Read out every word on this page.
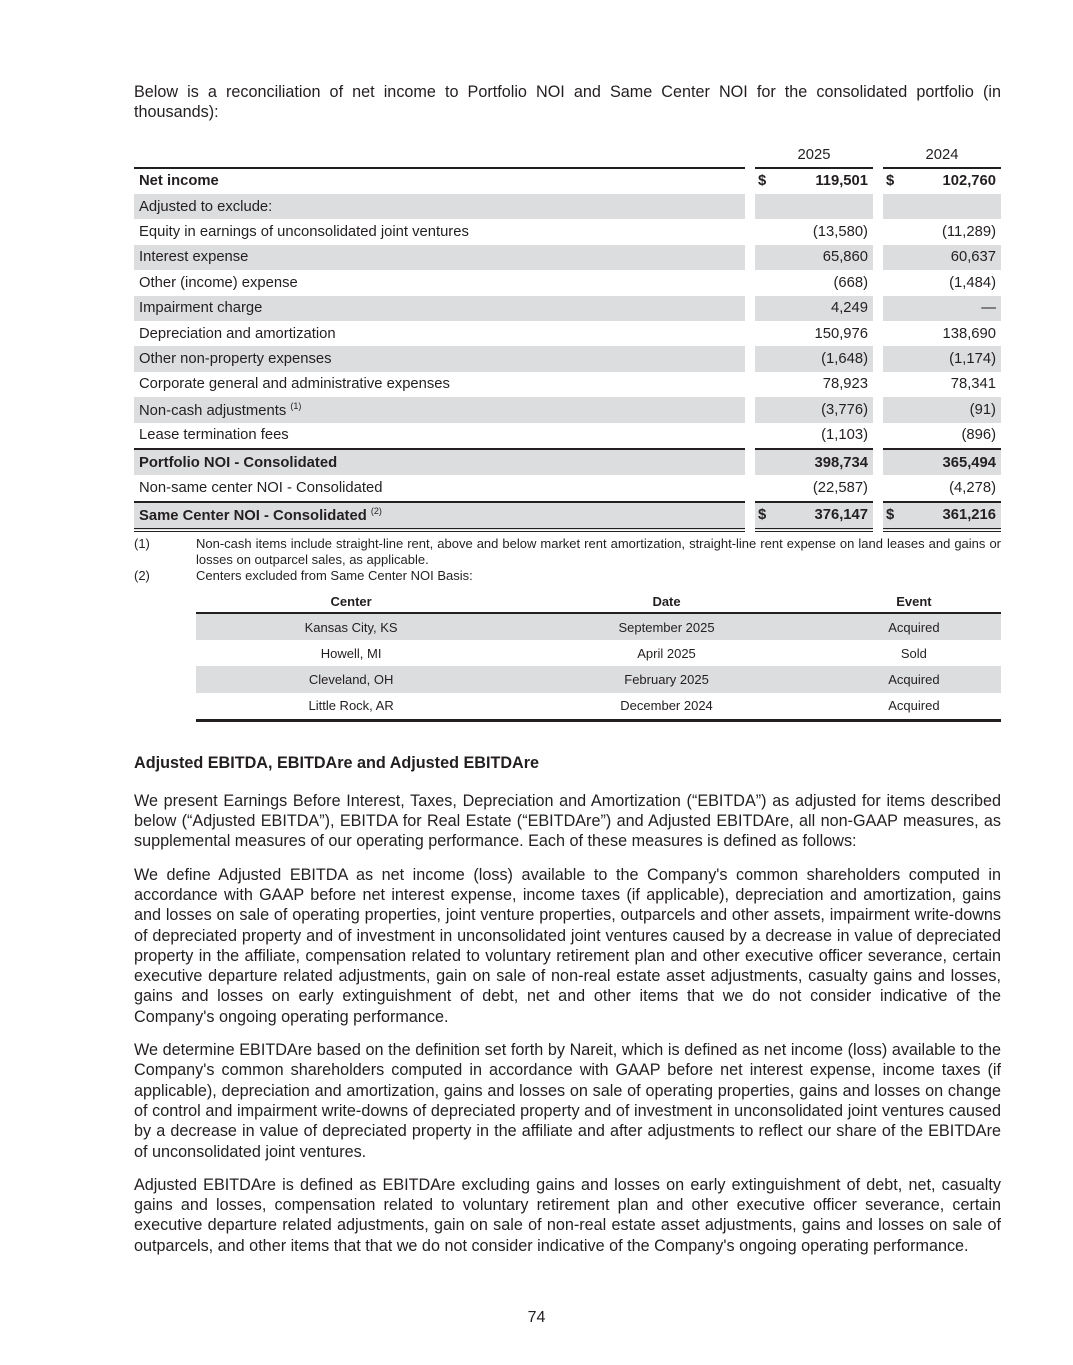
Below is a reconciliation of net income to Portfolio NOI and Same Center NOI for the consolidated portfolio (in thousands):

		2025			2024	
Net income		$	119,501		$	102,760
Adjusted to exclude:						
Equity in earnings of unconsolidated joint ventures			(13,580)			(11,289)
Interest expense			65,860			60,637
Other (income) expense			(668)			(1,484)
Impairment charge			4,249			—
Depreciation and amortization			150,976			138,690
Other non-property expenses			(1,648)			(1,174)
Corporate general and administrative expenses			78,923			78,341
Non-cash adjustments $^{(1)}$			(3,776)			(91)
Lease termination fees			(1,103)			(896)
Portfolio NOI - Consolidated			398,734			365,494
Non-same center NOI - Consolidated			(22,587)			(4,278)
Same Center NOI - Consolidated $^{(2)}$		$	376,147		$	361,216
(1)	Non-cash items include straight-line rent, above and below market rent amortization, straight-line rent expense on land leases and gains or losses on outparcel sales, as applicable.
(2)	Centers excluded from Same Center NOI Basis:
Center	Date	Event
Kansas City, KS	September 2025	Acquired
Howell, MI	April 2025	Sold
Cleveland, OH	February 2025	Acquired
Little Rock, AR	December 2024	Acquired
Adjusted EBITDA, EBITDAre and Adjusted EBITDAre

We present Earnings Before Interest, Taxes, Depreciation and Amortization (“EBITDA”) as adjusted for items described below (“Adjusted EBITDA”), EBITDA for Real Estate (“EBITDAre”) and Adjusted EBITDAre, all non-GAAP measures, as supplemental measures of our operating performance. Each of these measures is defined as follows:

We define Adjusted EBITDA as net income (loss) available to the Company's common shareholders computed in accordance with GAAP before net interest expense, income taxes (if applicable), depreciation and amortization, gains and losses on sale of operating properties, joint venture properties, outparcels and other assets, impairment write-downs of depreciated property and of investment in unconsolidated joint ventures caused by a decrease in value of depreciated property in the affiliate, compensation related to voluntary retirement plan and other executive officer severance, certain executive departure related adjustments, gain on sale of non-real estate asset adjustments, casualty gains and losses, gains and losses on early extinguishment of debt, net and other items that we do not consider indicative of the Company's ongoing operating performance.

We determine EBITDAre based on the definition set forth by Nareit, which is defined as net income (loss) available to the Company's common shareholders computed in accordance with GAAP before net interest expense, income taxes (if applicable), depreciation and amortization, gains and losses on sale of operating properties, gains and losses on change of control and impairment write-downs of depreciated property and of investment in unconsolidated joint ventures caused by a decrease in value of depreciated property in the affiliate and after adjustments to reflect our share of the EBITDAre of unconsolidated joint ventures.

Adjusted EBITDAre is defined as EBITDAre excluding gains and losses on early extinguishment of debt, net, casualty gains and losses, compensation related to voluntary retirement plan and other executive officer severance, certain executive departure related adjustments, gain on sale of non-real estate asset adjustments, gains and losses on sale of outparcels, and other items that that we do not consider indicative of the Company's ongoing operating performance.

74
